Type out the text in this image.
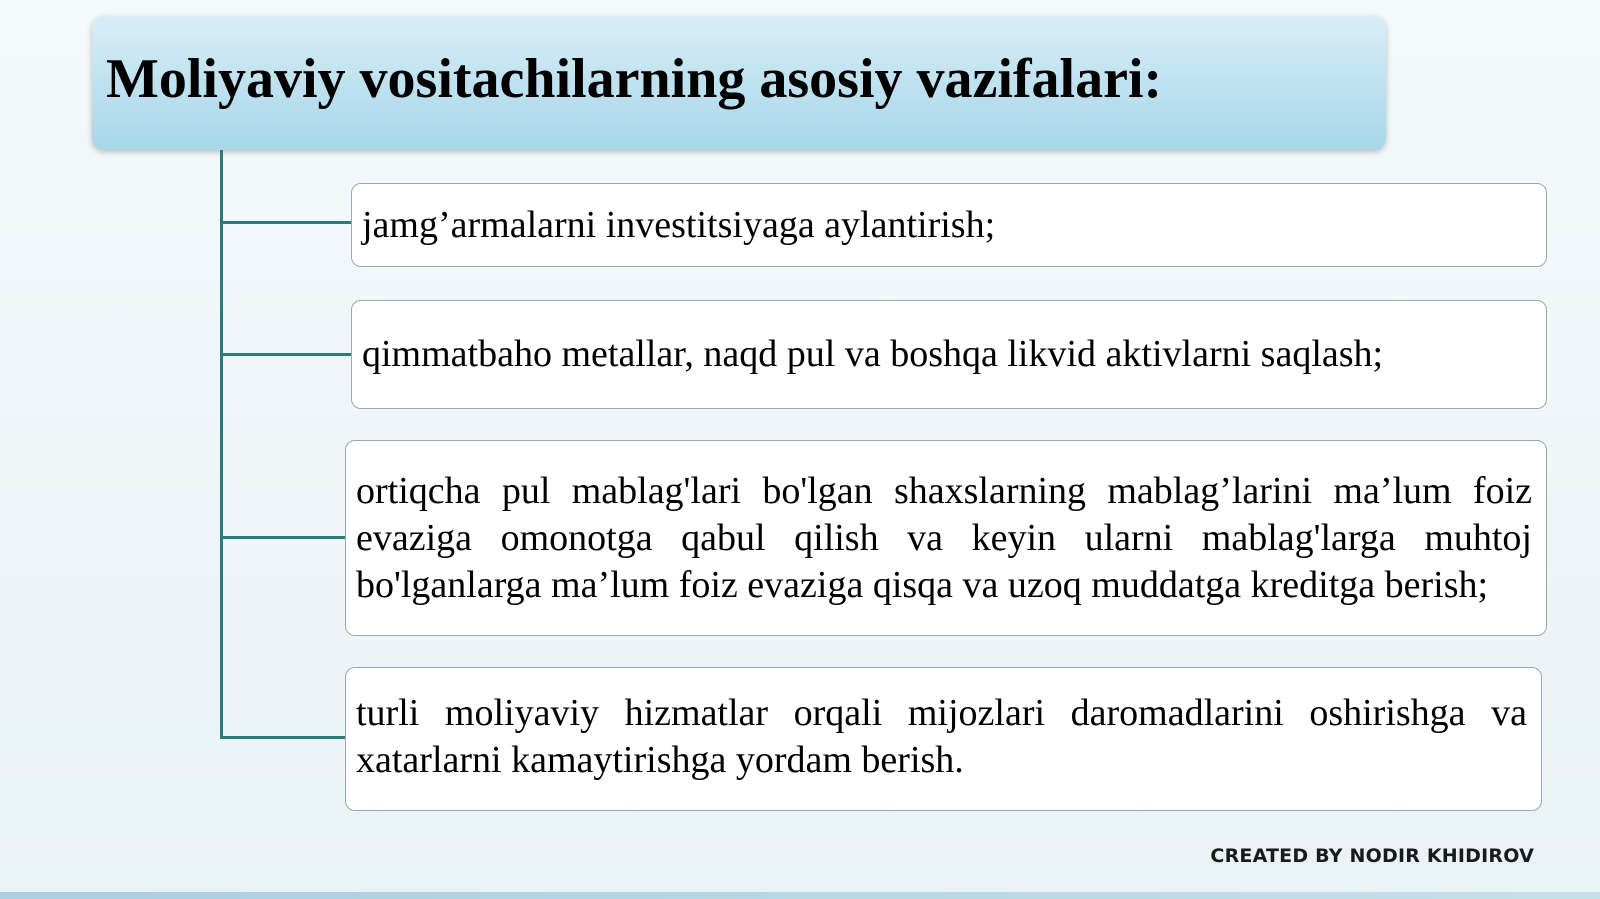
Moliyaviy vositachilarning asosiy vazifalari:
jamg’armalarni investitsiyaga aylantirish;
qimmatbaho metallar, naqd pul va boshqa likvid aktivlarni saqlash;
ortiqcha pul mablag'lari bo'lgan shaxslarning mablag’larini ma’lum foiz evaziga omonotga qabul qilish va keyin ularni mablag'larga muhtoj bo'lganlarga ma’lum foiz evaziga qisqa va uzoq muddatga kreditga berish;
turli moliyaviy hizmatlar orqali mijozlari daromadlarini oshirishga va xatarlarni kamaytirishga yordam berish.
CREATED BY NODIR KHIDIROV
